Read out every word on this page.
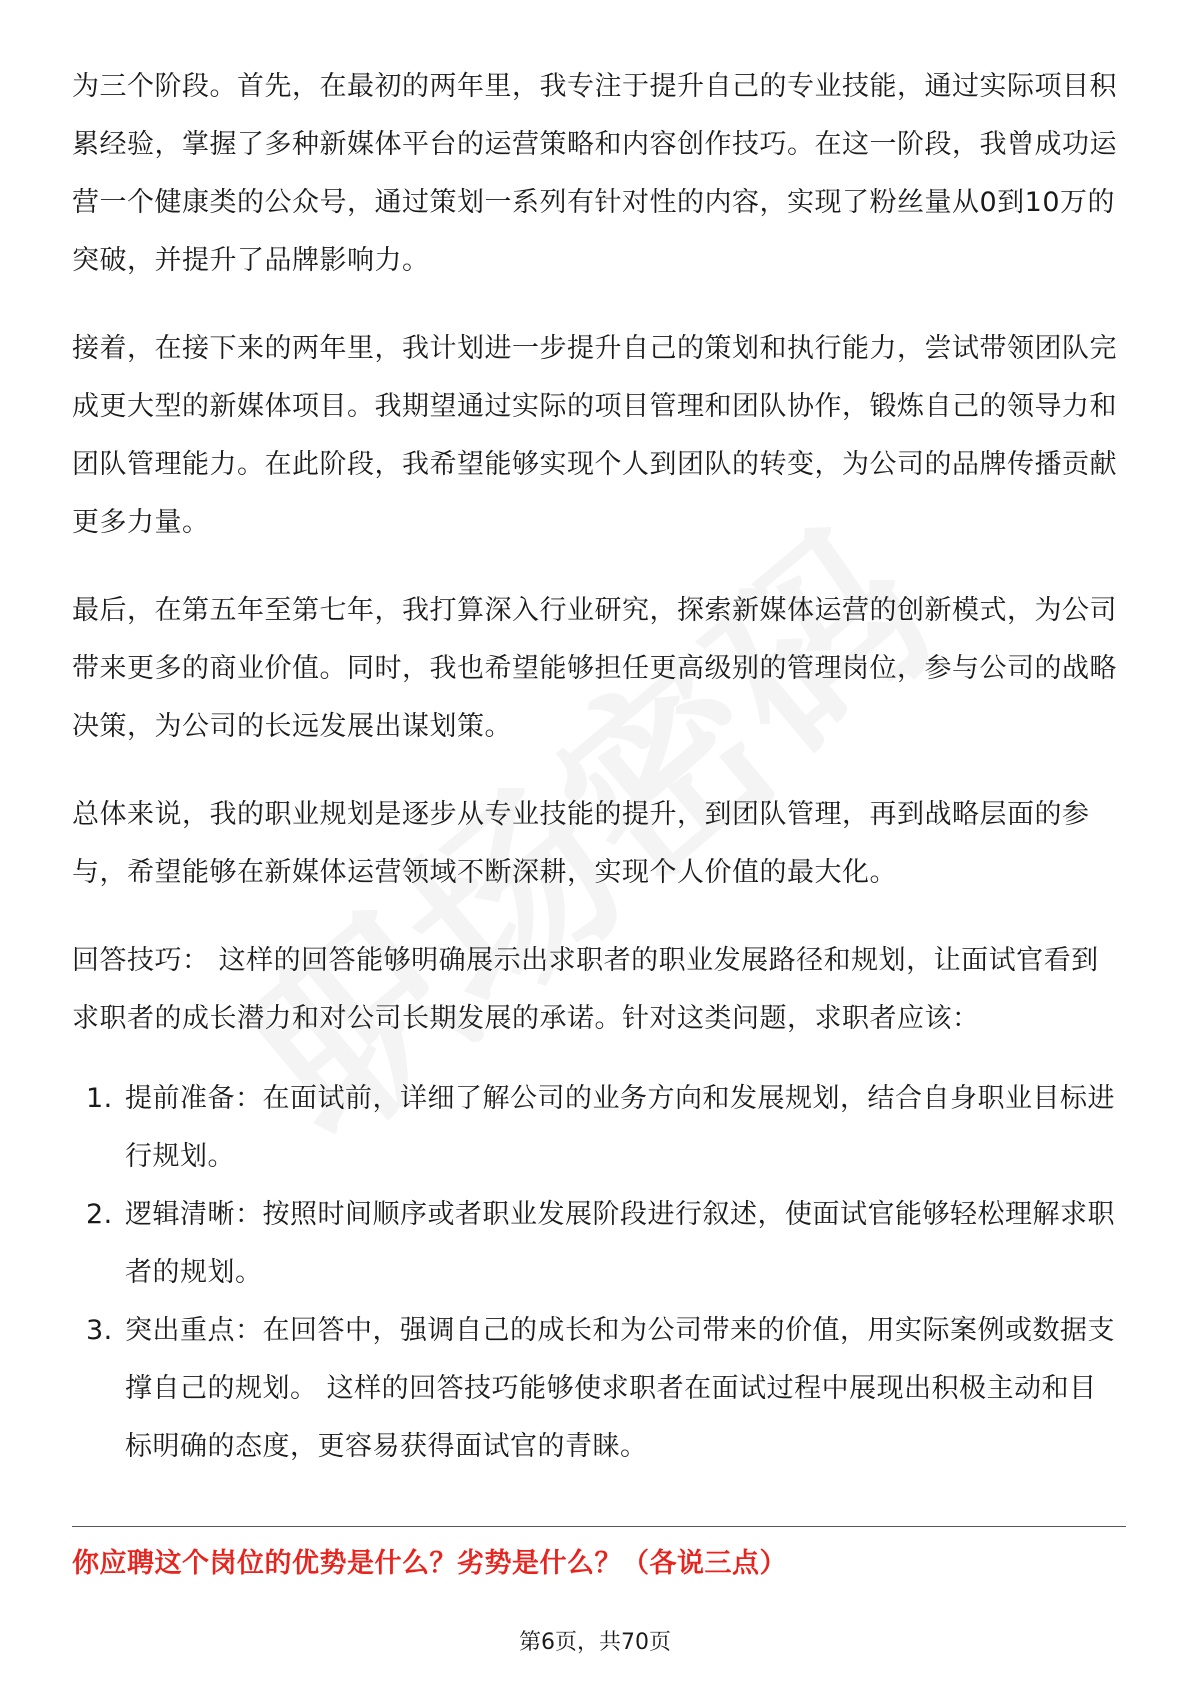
为三个阶段。首先，在最初的两年里，我专注于提升自己的专业技能，通过实际项目积累经验，掌握了多种新媒体平台的运营策略和内容创作技巧。在这一阶段，我曾成功运营一个健康类的公众号，通过策划一系列有针对性的内容，实现了粉丝量从0到10万的突破，并提升了品牌影响力。

接着，在接下来的两年里，我计划进一步提升自己的策划和执行能力，尝试带领团队完成更大型的新媒体项目。我期望通过实际的项目管理和团队协作，锻炼自己的领导力和团队管理能力。在此阶段，我希望能够实现个人到团队的转变，为公司的品牌传播贡献更多力量。

最后，在第五年至第七年，我打算深入行业研究，探索新媒体运营的创新模式，为公司带来更多的商业价值。同时，我也希望能够担任更高级别的管理岗位，参与公司的战略决策，为公司的长远发展出谋划策。

总体来说，我的职业规划是逐步从专业技能的提升，到团队管理，再到战略层面的参与，希望能够在新媒体运营领域不断深耕，实现个人价值的最大化。

回答技巧： 这样的回答能够明确展示出求职者的职业发展路径和规划，让面试官看到求职者的成长潜力和对公司长期发展的承诺。针对这类问题，求职者应该：

1. 提前准备：在面试前，详细了解公司的业务方向和发展规划，结合自身职业目标进行规划。
2. 逻辑清晰：按照时间顺序或者职业发展阶段进行叙述，使面试官能够轻松理解求职者的规划。
3. 突出重点：在回答中，强调自己的成长和为公司带来的价值，用实际案例或数据支撑自己的规划。 这样的回答技巧能够使求职者在面试过程中展现出积极主动和目标明确的态度，更容易获得面试官的青睐。
你应聘这个岗位的优势是什么？劣势是什么？（各说三点）
第6页，共70页
